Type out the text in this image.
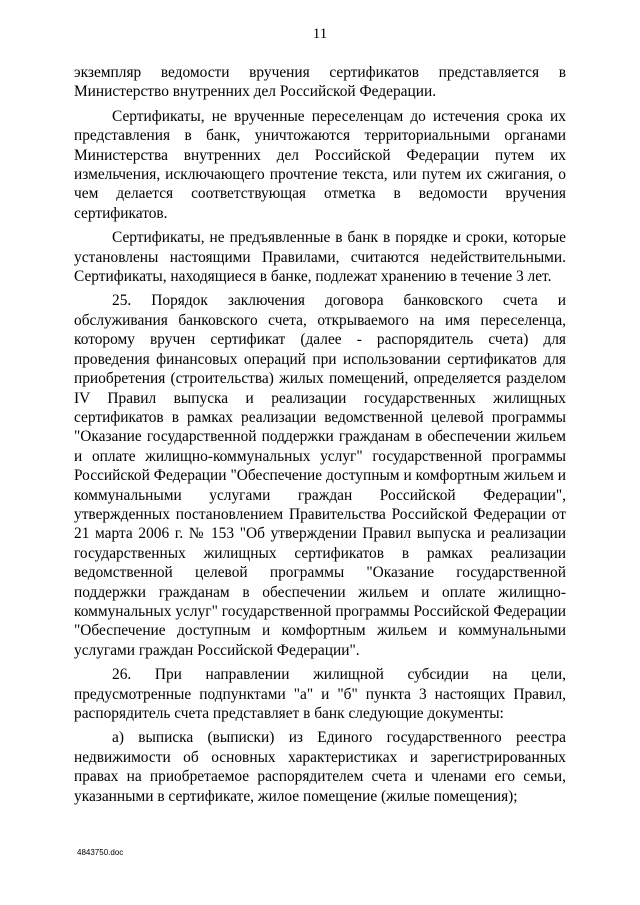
11

экземпляр ведомости вручения сертификатов представляется в Министерство внутренних дел Российской Федерации.

Сертификаты, не врученные переселенцам до истечения срока их представления в банк, уничтожаются территориальными органами Министерства внутренних дел Российской Федерации путем их измельчения, исключающего прочтение текста, или путем их сжигания, о чем делается соответствующая отметка в ведомости вручения сертификатов.

Сертификаты, не предъявленные в банк в порядке и сроки, которые установлены настоящими Правилами, считаются недействительными. Сертификаты, находящиеся в банке, подлежат хранению в течение 3 лет.

25. Порядок заключения договора банковского счета и обслуживания банковского счета, открываемого на имя переселенца, которому вручен сертификат (далее - распорядитель счета) для проведения финансовых операций при использовании сертификатов для приобретения (строительства) жилых помещений, определяется разделом IV Правил выпуска и реализации государственных жилищных сертификатов в рамках реализации ведомственной целевой программы "Оказание государственной поддержки гражданам в обеспечении жильем и оплате жилищно-коммунальных услуг" государственной программы Российской Федерации "Обеспечение доступным и комфортным жильем и коммунальными услугами граждан Российской Федерации", утвержденных постановлением Правительства Российской Федерации от 21 марта 2006 г. № 153 "Об утверждении Правил выпуска и реализации государственных жилищных сертификатов в рамках реализации ведомственной целевой программы "Оказание государственной поддержки гражданам в обеспечении жильем и оплате жилищно-коммунальных услуг" государственной программы Российской Федерации "Обеспечение доступным и комфортным жильем и коммунальными услугами граждан Российской Федерации".

26. При направлении жилищной субсидии на цели, предусмотренные подпунктами "а" и "б" пункта 3 настоящих Правил, распорядитель счета представляет в банк следующие документы:

а) выписка (выписки) из Единого государственного реестра недвижимости об основных характеристиках и зарегистрированных правах на приобретаемое распорядителем счета и членами его семьи, указанными в сертификате, жилое помещение (жилые помещения);

4843750.doc
